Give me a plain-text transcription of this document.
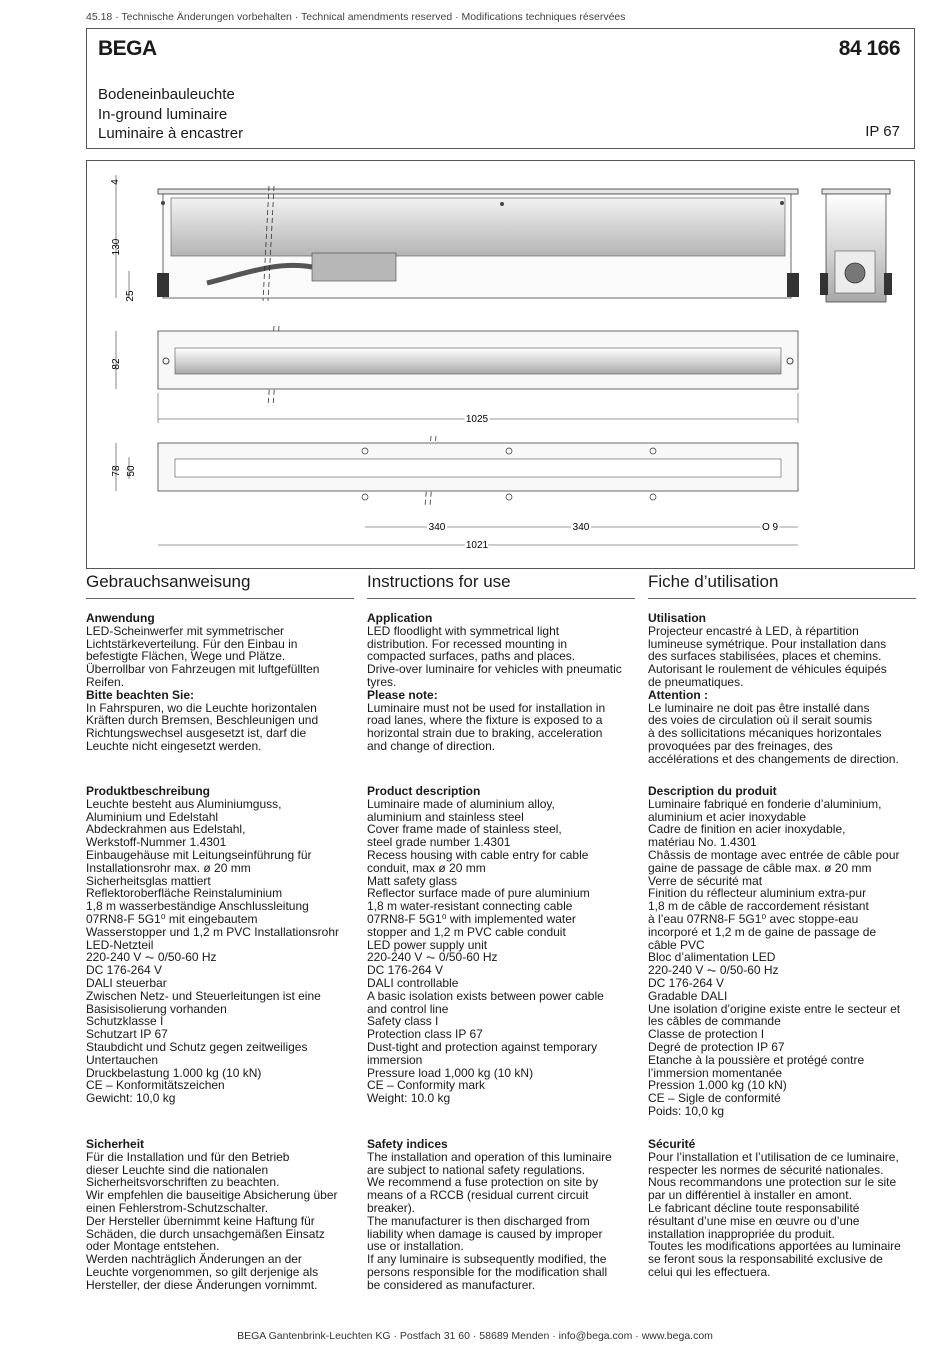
45.18 · Technische Änderungen vorbehalten · Technical amendments reserved · Modifications techniques réservées
BEGA	84 166
Bodeneinbauleuchte
In-ground luminaire
Luminaire à encastrer	IP 67
4
130
25
82
1025
78 50
340	340	O 9
1021
Gebrauchsanweisung
Anwendung
LED-Scheinwerfer mit symmetrischer
Lichtstärkeverteilung. Für den Einbau in
befestigte Flächen, Wege und Plätze.
Überrollbar von Fahrzeugen mit luftgefüllten
Reifen.
Bitte beachten Sie:
In Fahrspuren, wo die Leuchte horizontalen
Kräften durch Bremsen, Beschleunigen und
Richtungswechsel ausgesetzt ist, darf die
Leuchte nicht eingesetzt werden.
Produktbeschreibung
Leuchte besteht aus Aluminiumguss,
Aluminium und Edelstahl
Abdeckrahmen aus Edelstahl,
Werkstoff-Nummer 1.4301
Einbaugehäuse mit Leitungseinführung für
Installationsrohr max. ø 20 mm
Sicherheitsglas mattiert
Reflektoroberfläche Reinstaluminium
1,8 m wasserbeständige Anschlussleitung
07RN8-F 5G1⁰ mit eingebautem
Wasserstopper und 1,2 m PVC Installationsrohr
LED-Netzteil
220-240 V ⏦ 0/50-60 Hz
DC 176-264 V
DALI steuerbar
Zwischen Netz- und Steuerleitungen ist eine
Basisisolierung vorhanden
Schutzklasse I
Schutzart IP 67
Staubdicht und Schutz gegen zeitweiliges
Untertauchen
Druckbelastung 1.000 kg (10 kN)
CE – Konformitätszeichen
Gewicht: 10,0 kg
Sicherheit
Für die Installation und für den Betrieb
dieser Leuchte sind die nationalen
Sicherheitsvorschriften zu beachten.
Wir empfehlen die bauseitige Absicherung über
einen Fehlerstrom-Schutzschalter.
Der Hersteller übernimmt keine Haftung für
Schäden, die durch unsachgemäßen Einsatz
oder Montage entstehen.
Werden nachträglich Änderungen an der
Leuchte vorgenommen, so gilt derjenige als
Hersteller, der diese Änderungen vornimmt.
Instructions for use
Application
LED floodlight with symmetrical light
distribution. For recessed mounting in
compacted surfaces, paths and places.
Drive-over luminaire for vehicles with pneumatic
tyres.
Please note:
Luminaire must not be used for installation in
road lanes, where the fixture is exposed to a
horizontal strain due to braking, acceleration
and change of direction.
Product description
Luminaire made of aluminium alloy,
aluminium and stainless steel
Cover frame made of stainless steel,
steel grade number 1.4301
Recess housing with cable entry for cable
conduit, max ø 20 mm
Matt safety glass
Reflector surface made of pure aluminium
1,8 m water-resistant connecting cable
07RN8-F 5G1⁰ with implemented water
stopper and 1,2 m PVC cable conduit
LED power supply unit
220-240 V ⏦ 0/50-60 Hz
DC 176-264 V
DALI controllable
A basic isolation exists between power cable
and control line
Safety class I
Protection class IP 67
Dust-tight and protection against temporary
immersion
Pressure load 1,000 kg (10 kN)
CE – Conformity mark
Weight: 10.0 kg
Safety indices
The installation and operation of this luminaire
are subject to national safety regulations.
We recommend a fuse protection on site by
means of a RCCB (residual current circuit
breaker).
The manufacturer is then discharged from
liability when damage is caused by improper
use or installation.
If any luminaire is subsequently modified, the
persons responsible for the modification shall
be considered as manufacturer.
Fiche d’utilisation
Utilisation
Projecteur encastré à LED, à répartition
lumineuse symétrique. Pour installation dans
des surfaces stabilisées, places et chemins.
Autorisant le roulement de véhicules équipés
de pneumatiques.
Attention :
Le luminaire ne doit pas être installé dans
des voies de circulation où il serait soumis
à des sollicitations mécaniques horizontales
provoquées par des freinages, des
accélérations et des changements de direction.
Description du produit
Luminaire fabriqué en fonderie d’aluminium,
aluminium et acier inoxydable
Cadre de finition en acier inoxydable,
matériau No. 1.4301
Châssis de montage avec entrée de câble pour
gaine de passage de câble max. ø 20 mm
Verre de sécurité mat
Finition du réflecteur aluminium extra-pur
1,8 m de câble de raccordement résistant
à l’eau 07RN8-F 5G1⁰ avec stoppe-eau
incorporé et 1,2 m de gaine de passage de
câble PVC
Bloc d’alimentation LED
220-240 V ⏦ 0/50-60 Hz
DC 176-264 V
Gradable DALI
Une isolation d’origine existe entre le secteur et
les câbles de commande
Classe de protection I
Degré de protection IP 67
Etanche à la poussière et protégé contre
l’immersion momentanée
Pression 1.000 kg (10 kN)
CE – Sigle de conformité
Poids: 10,0 kg
Sécurité
Pour l’installation et l’utilisation de ce luminaire,
respecter les normes de sécurité nationales.
Nous recommandons une protection sur le site
par un différentiel à installer en amont.
Le fabricant décline toute responsabilité
résultant d’une mise en œuvre ou d’une
installation inappropriée du produit.
Toutes les modifications apportées au luminaire
se feront sous la responsabilité exclusive de
celui qui les effectuera.
BEGA Gantenbrink-Leuchten KG · Postfach 31 60 · 58689 Menden · info@bega.com · www.bega.com
